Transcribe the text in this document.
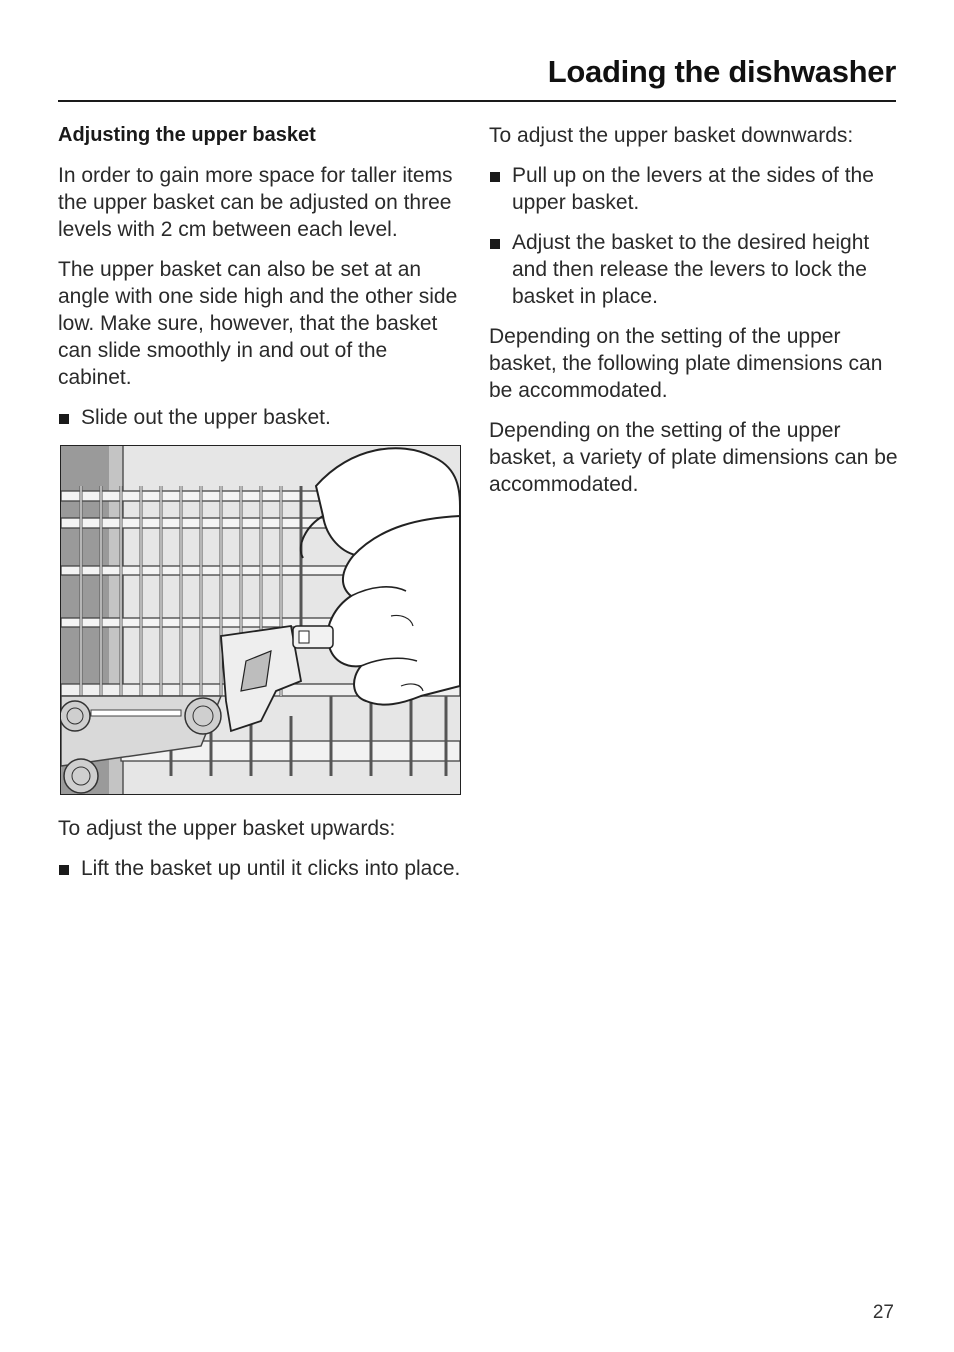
Loading the dishwasher
Adjusting the upper basket

In order to gain more space for taller items the upper basket can be adjusted on three levels with 2 cm between each level.

The upper basket can also be set at an angle with one side high and the other side low. Make sure, however, that the basket can slide smoothly in and out of the cabinet.

Slide out the upper basket.

To adjust the upper basket upwards:

Lift the basket up until it clicks into place.

To adjust the upper basket downwards:

Pull up on the levers at the sides of the upper basket.
Adjust the basket to the desired height and then release the levers to lock the basket in place.

Depending on the setting of the upper basket, the following plate dimensions can be accommodated.

Depending on the setting of the upper basket, a variety of plate dimensions can be accommodated.

27
